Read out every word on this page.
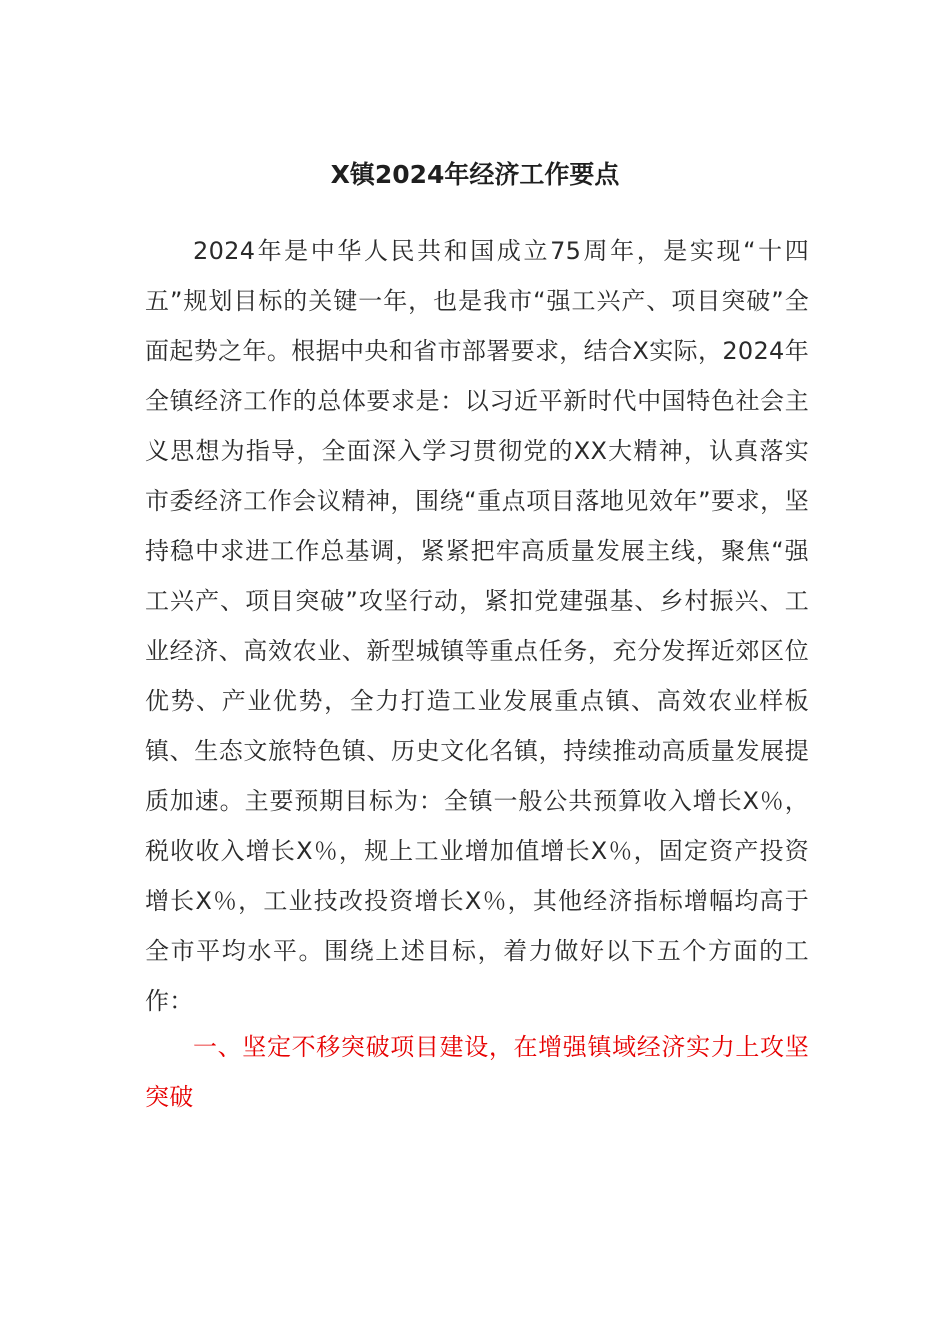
X镇2024年经济工作要点

2024年是中华人民共和国成立75周年，是实现“十四五”规划目标的关键一年，也是我市“强工兴产、项目突破”全面起势之年。根据中央和省市部署要求，结合X实际，2024年全镇经济工作的总体要求是：以习近平新时代中国特色社会主义思想为指导，全面深入学习贯彻党的XX大精神，认真落实市委经济工作会议精神，围绕“重点项目落地见效年”要求，坚持稳中求进工作总基调，紧紧把牢高质量发展主线，聚焦“强工兴产、项目突破”攻坚行动，紧扣党建强基、乡村振兴、工业经济、高效农业、新型城镇等重点任务，充分发挥近郊区位优势、产业优势，全力打造工业发展重点镇、高效农业样板镇、生态文旅特色镇、历史文化名镇，持续推动高质量发展提质加速。主要预期目标为：全镇一般公共预算收入增长X％，税收收入增长X％，规上工业增加值增长X％，固定资产投资增长X％，工业技改投资增长X％，其他经济指标增幅均高于全市平均水平。围绕上述目标，着力做好以下五个方面的工作：

一、坚定不移突破项目建设，在增强镇域经济实力上攻坚突破
